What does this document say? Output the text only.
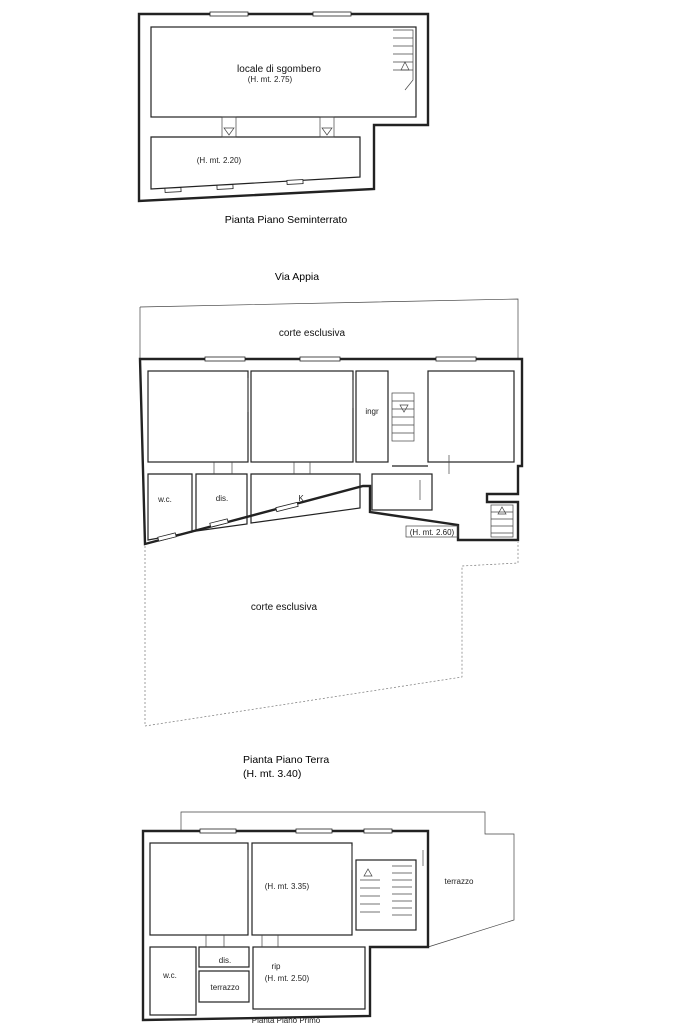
locale di sgombero
(H. mt. 2.75)
(H. mt. 2.20)
Pianta Piano Seminterrato
Via Appia
corte esclusiva
ingr
w.c.	dis.	K
(H. mt. 2.60)
corte esclusiva
Pianta Piano Terra
(H. mt. 3.40)
(H. mt. 3.35)
terrazzo
dis.
w.c.
rip
(H. mt. 2.50)
terrazzo
Pianta Piano Primo
